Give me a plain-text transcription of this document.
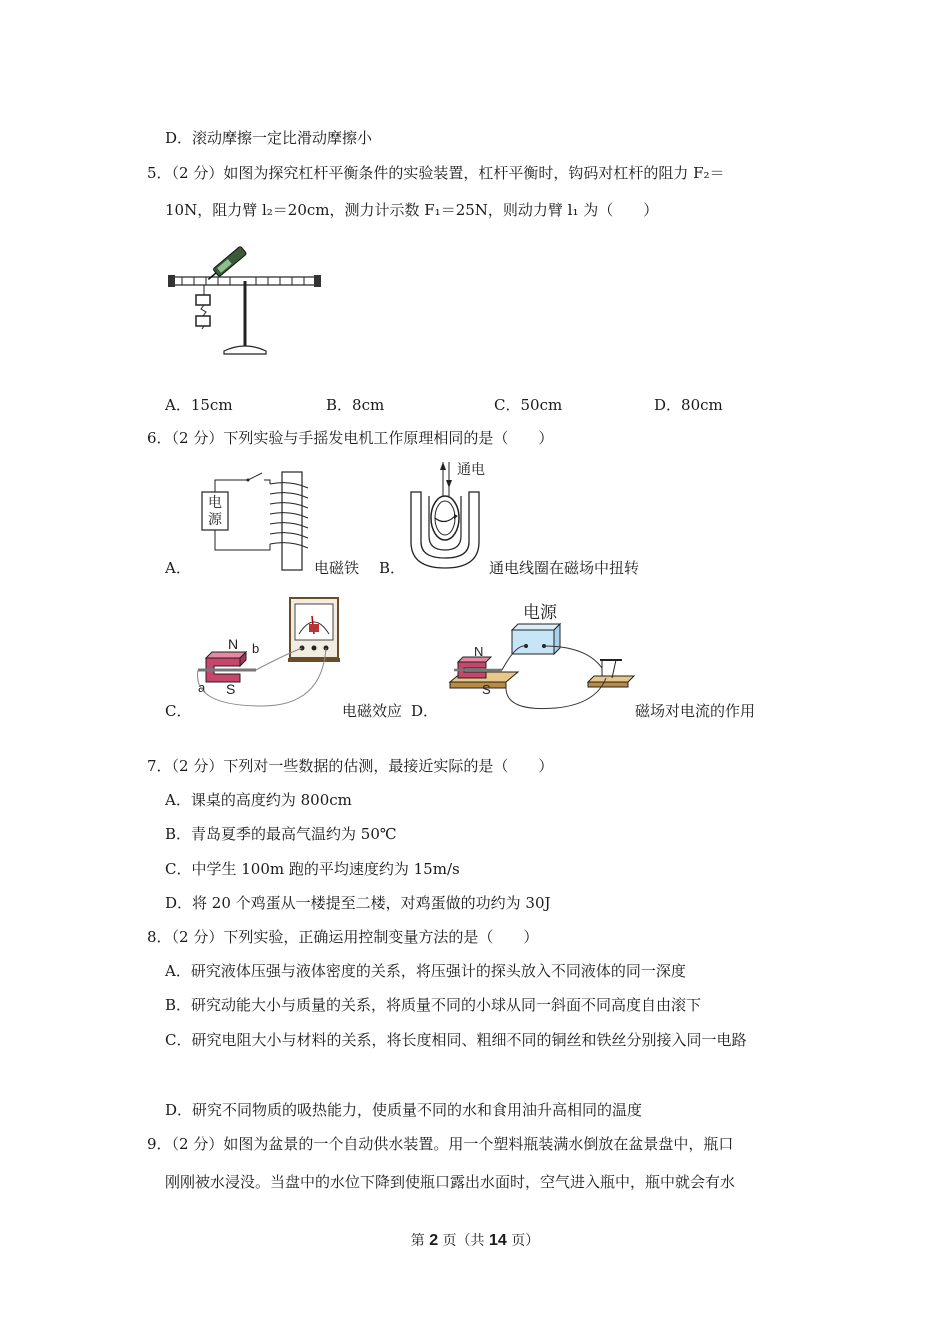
D．滚动摩擦一定比滑动摩擦小
5．（2 分）如图为探究杠杆平衡条件的实验装置，杠杆平衡时，钩码对杠杆的阻力 F₂＝
10N，阻力臂 l₂＝20cm，测力计示数 F₁＝25N，则动力臂 l₁ 为（　　）
A．15cm	B．8cm	C．50cm	D．80cm
6．（2 分）下列实验与手摇发电机工作原理相同的是（　　）
A．
电
源
电磁铁 B．
通电
通电线圈在磁场中扭转
C．
N b
a S
电磁效应 D．
电源
N
S
磁场对电流的作用
7．（2 分）下列对一些数据的估测，最接近实际的是（　　）
A．课桌的高度约为 800cm
B．青岛夏季的最高气温约为 50℃
C．中学生 100m 跑的平均速度约为 15m/s
D．将 20 个鸡蛋从一楼提至二楼，对鸡蛋做的功约为 30J
8．（2 分）下列实验，正确运用控制变量方法的是（　　）
A．研究液体压强与液体密度的关系，将压强计的探头放入不同液体的同一深度
B．研究动能大小与质量的关系，将质量不同的小球从同一斜面不同高度自由滚下
C．研究电阻大小与材料的关系，将长度相同、粗细不同的铜丝和铁丝分别接入同一电路
D．研究不同物质的吸热能力，使质量不同的水和食用油升高相同的温度
9．（2 分）如图为盆景的一个自动供水装置。用一个塑料瓶装满水倒放在盆景盘中，瓶口
刚刚被水浸没。当盘中的水位下降到使瓶口露出水面时，空气进入瓶中，瓶中就会有水
第 2 页（共 14 页）
